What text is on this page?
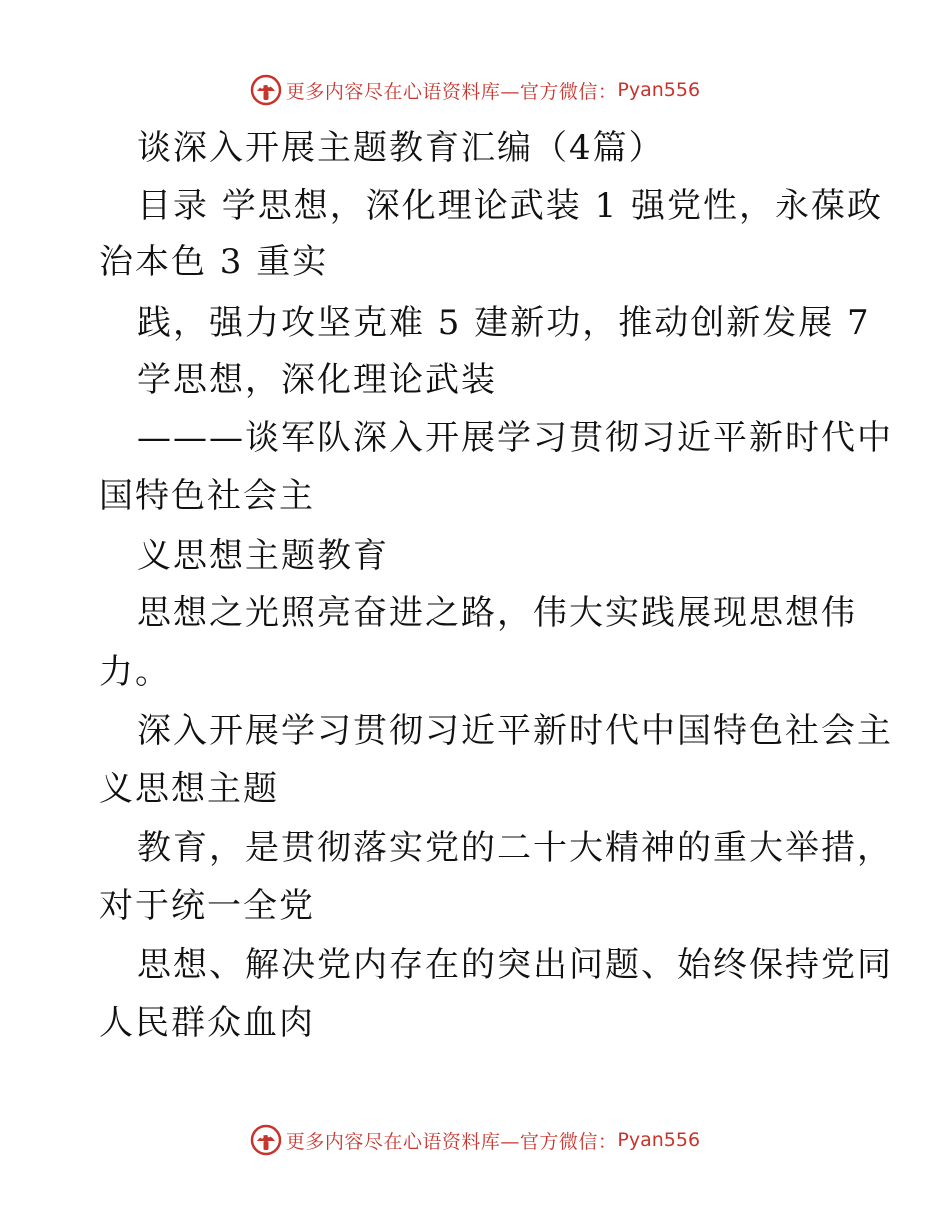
更多内容尽在心语资料库—官方微信： Pyan556
谈深入开展主题教育汇编（4篇）
目录 学思想，深化理论武装 1 强党性，永葆政
治本色 3 重实
践，强力攻坚克难 5 建新功，推动创新发展 7
学思想，深化理论武装
———谈军队深入开展学习贯彻习近平新时代中
国特色社会主
义思想主题教育
思想之光照亮奋进之路，伟大实践展现思想伟
力。
深入开展学习贯彻习近平新时代中国特色社会主
义思想主题
教育，是贯彻落实党的二十大精神的重大举措，
对于统一全党
思想、解决党内存在的突出问题、始终保持党同
人民群众血肉
更多内容尽在心语资料库—官方微信： Pyan556
